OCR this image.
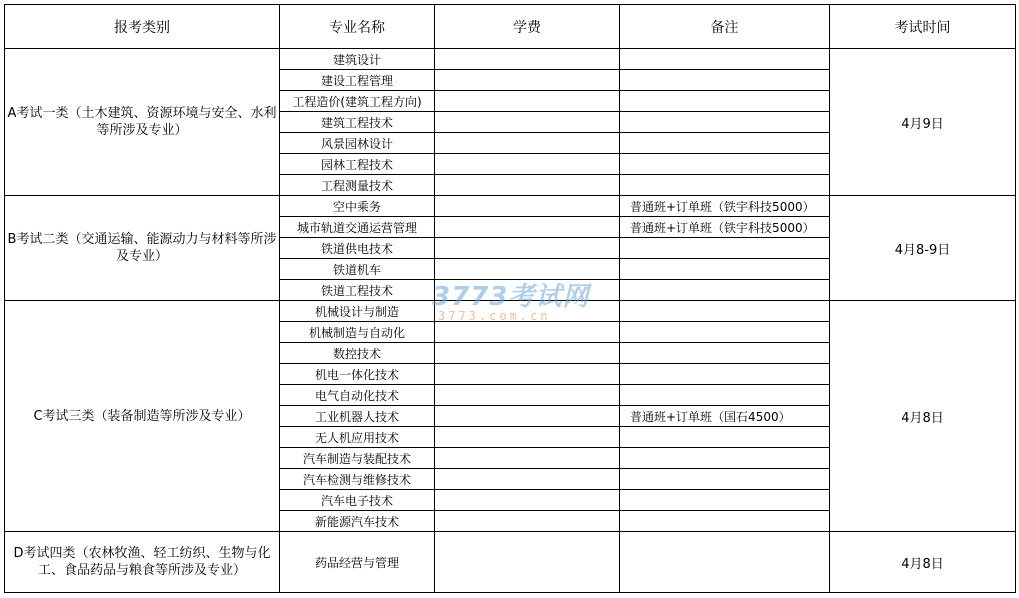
报考类别	专业名称	学费	备注	考试时间
A考试一类（土木建筑、资源环境与安全、水利等所涉及专业）	建筑设计			4月9日
	建设工程管理		
	工程造价(建筑工程方向)		
	建筑工程技术		
	风景园林设计		
	园林工程技术		
	工程测量技术		
B考试二类（交通运输、能源动力与材料等所涉及专业）	空中乘务		普通班+订单班（铁宇科技5000）	4月8-9日
	城市轨道交通运营管理		普通班+订单班（铁宇科技5000）	
	铁道供电技术		
	铁道机车		
	铁道工程技术		
C考试三类（装备制造等所涉及专业）	机械设计与制造			4月8日
	机械制造与自动化		
	数控技术		
	机电一体化技术		
	电气自动化技术		
	工业机器人技术		普通班+订单班（国石4500）	
	无人机应用技术		
	汽车制造与装配技术		
	汽车检测与维修技术		
	汽车电子技术		
	新能源汽车技术		
D考试四类（农林牧渔、轻工纺织、生物与化工、食品药品与粮食等所涉及专业）	药品经营与管理			4月8日
3773考试网
3773.com.cn
